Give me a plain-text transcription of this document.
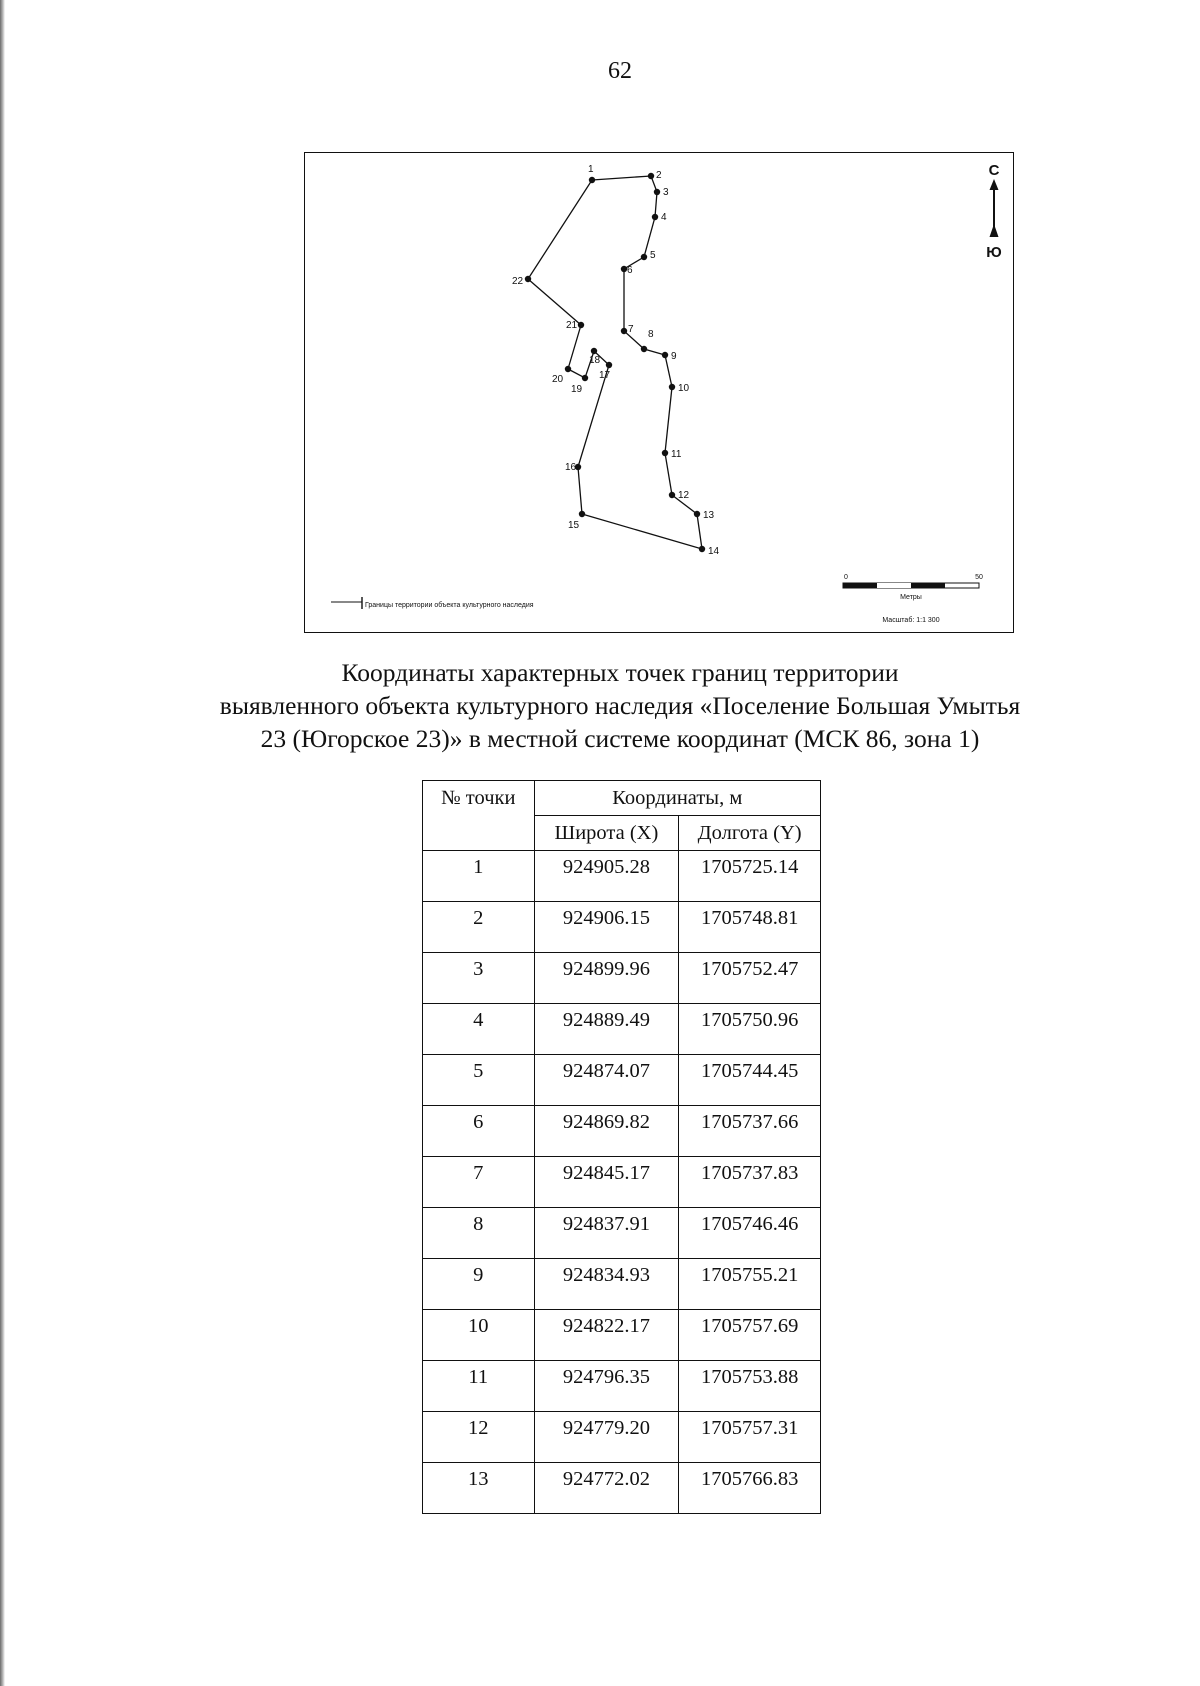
62
1
2
3
4
5
6
7 8
9
10
11
12
13
14
15
16
17
18
19
20
21
22
С
Ю
Границы территории объекта культурного наследия
0	50
Метры
Масштаб: 1:1 300
Координаты характерных точек границ территории
выявленного объекта культурного наследия «Поселение Большая Умытья
23 (Югорское 23)» в местной системе координат (МСК 86, зона 1)
№ точки	Координаты, м	
	Широта (X)	Долгота (Y)
1	924905.28	1705725.14
2	924906.15	1705748.81
3	924899.96	1705752.47
4	924889.49	1705750.96
5	924874.07	1705744.45
6	924869.82	1705737.66
7	924845.17	1705737.83
8	924837.91	1705746.46
9	924834.93	1705755.21
10	924822.17	1705757.69
11	924796.35	1705753.88
12	924779.20	1705757.31
13	924772.02	1705766.83
